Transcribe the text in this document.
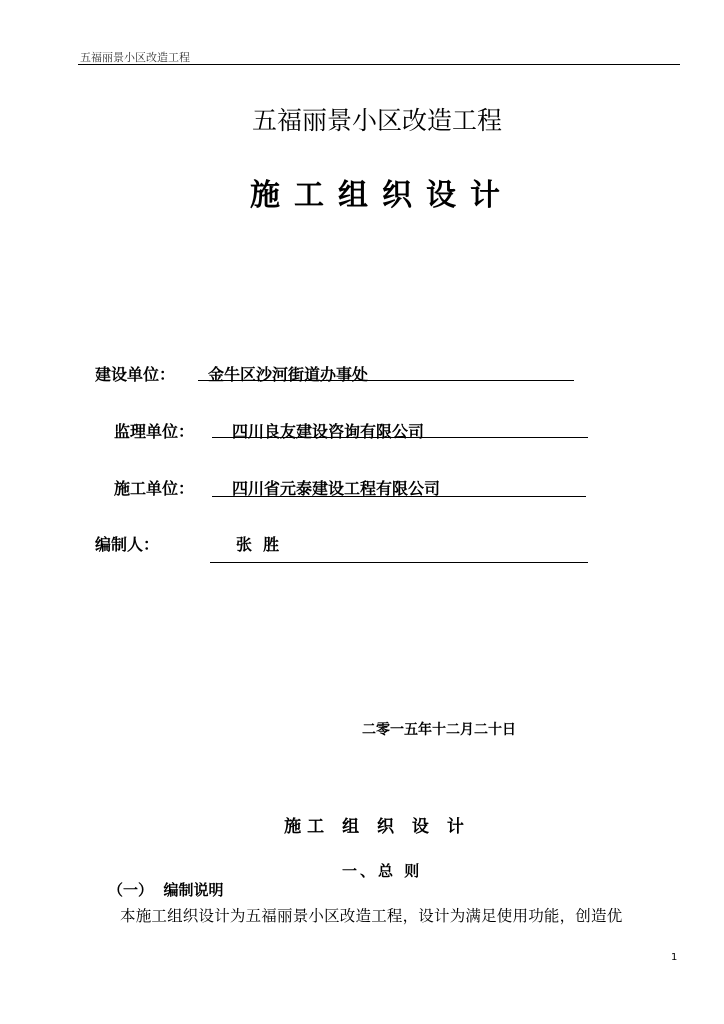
五福丽景小区改造工程
五福丽景小区改造工程
施工组织设计
建设单位： 金牛区沙河街道办事处
监理单位： 四川良友建设咨询有限公司
施工单位： 四川省元泰建设工程有限公司
编制人：	张  胜
二零一五年十二月二十日
施工 组 织 设 计
一、总 则
（一）  编制说明
本施工组织设计为五福丽景小区改造工程，设计为满足使用功能，创造优
1
